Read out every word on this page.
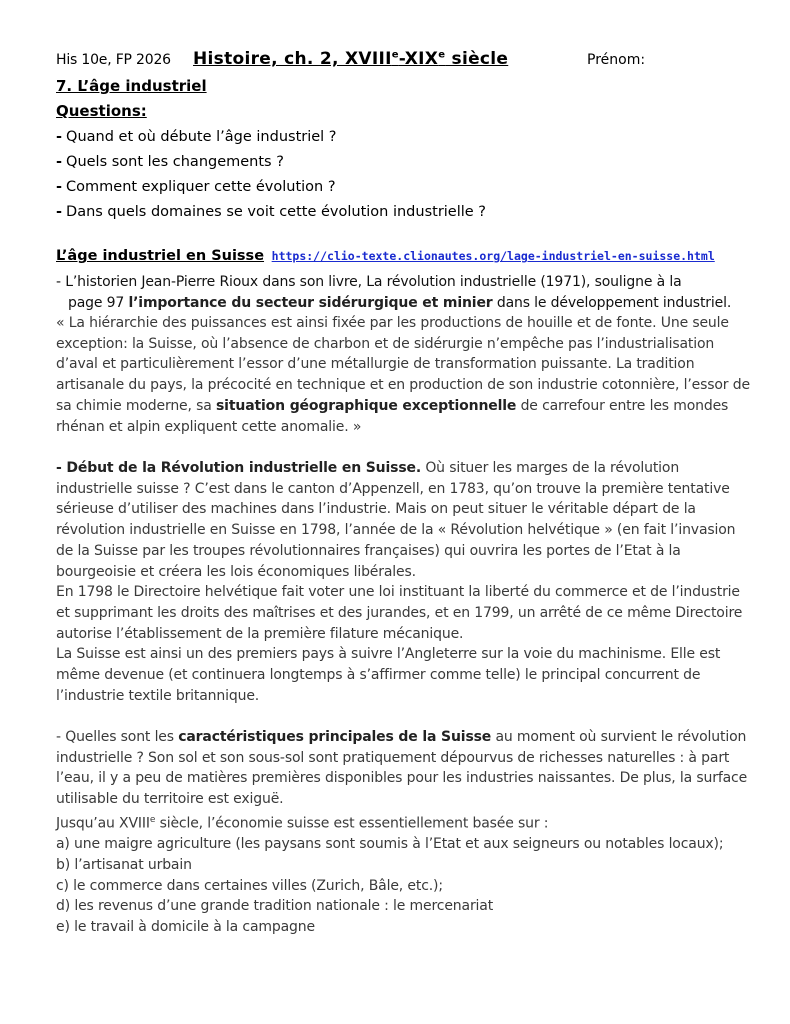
His 10e, FP 2026 Histoire, ch. 2, XVIIIe-XIXe siècle	Prénom:
7. L’âge industriel
Questions:
- Quand et où débute l’âge industriel ?
- Quels sont les changements ?
- Comment expliquer cette évolution ?
- Dans quels domaines se voit cette évolution industrielle ?
L’âge industriel en Suisse https://clio-texte.clionautes.org/lage-industriel-en-suisse.html
- L’historien Jean-Pierre Rioux dans son livre, La révolution industrielle (1971), souligne à la
page 97 l’importance du secteur sidérurgique et minier dans le développement industriel.
« La hiérarchie des puissances est ainsi fixée par les productions de houille et de fonte. Une seule exception: la Suisse, où l’absence de charbon et de sidérurgie n’empêche pas l’industrialisation d’aval et particulièrement l’essor d’une métallurgie de transformation puissante. La tradition artisanale du pays, la précocité en technique et en production de son industrie cotonnière, l’essor de sa chimie moderne, sa situation géographique exceptionnelle de carrefour entre les mondes rhénan et alpin expliquent cette anomalie. »
- Début de la Révolution industrielle en Suisse. Où situer les marges de la révolution industrielle suisse ? C’est dans le canton d’Appenzell, en 1783, qu’on trouve la première tentative sérieuse d’utiliser des machines dans l’industrie. Mais on peut situer le véritable départ de la révolution industrielle en Suisse en 1798, l’année de la « Révolution helvétique » (en fait l’invasion de la Suisse par les troupes révolutionnaires françaises) qui ouvrira les portes de l’Etat à la bourgeoisie et créera les lois économiques libérales.
En 1798 le Directoire helvétique fait voter une loi instituant la liberté du commerce et de l’industrie et supprimant les droits des maîtrises et des jurandes, et en 1799, un arrêté de ce même Directoire autorise l’établissement de la première filature mécanique.
La Suisse est ainsi un des premiers pays à suivre l’Angleterre sur la voie du machinisme. Elle est même devenue (et continuera longtemps à s’affirmer comme telle) le principal concurrent de l’industrie textile britannique.
- Quelles sont les caractéristiques principales de la Suisse au moment où survient le révolution industrielle ? Son sol et son sous-sol sont pratiquement dépourvus de richesses naturelles : à part l’eau, il y a peu de matières premières disponibles pour les industries naissantes. De plus, la surface utilisable du territoire est exiguë.
Jusqu’au XVIIIe siècle, l’économie suisse est essentiellement basée sur :
a) une maigre agriculture (les paysans sont soumis à l’Etat et aux seigneurs ou notables locaux);
b) l’artisanat urbain
c) le commerce dans certaines villes (Zurich, Bâle, etc.);
d) les revenus d’une grande tradition nationale : le mercenariat
e) le travail à domicile à la campagne
